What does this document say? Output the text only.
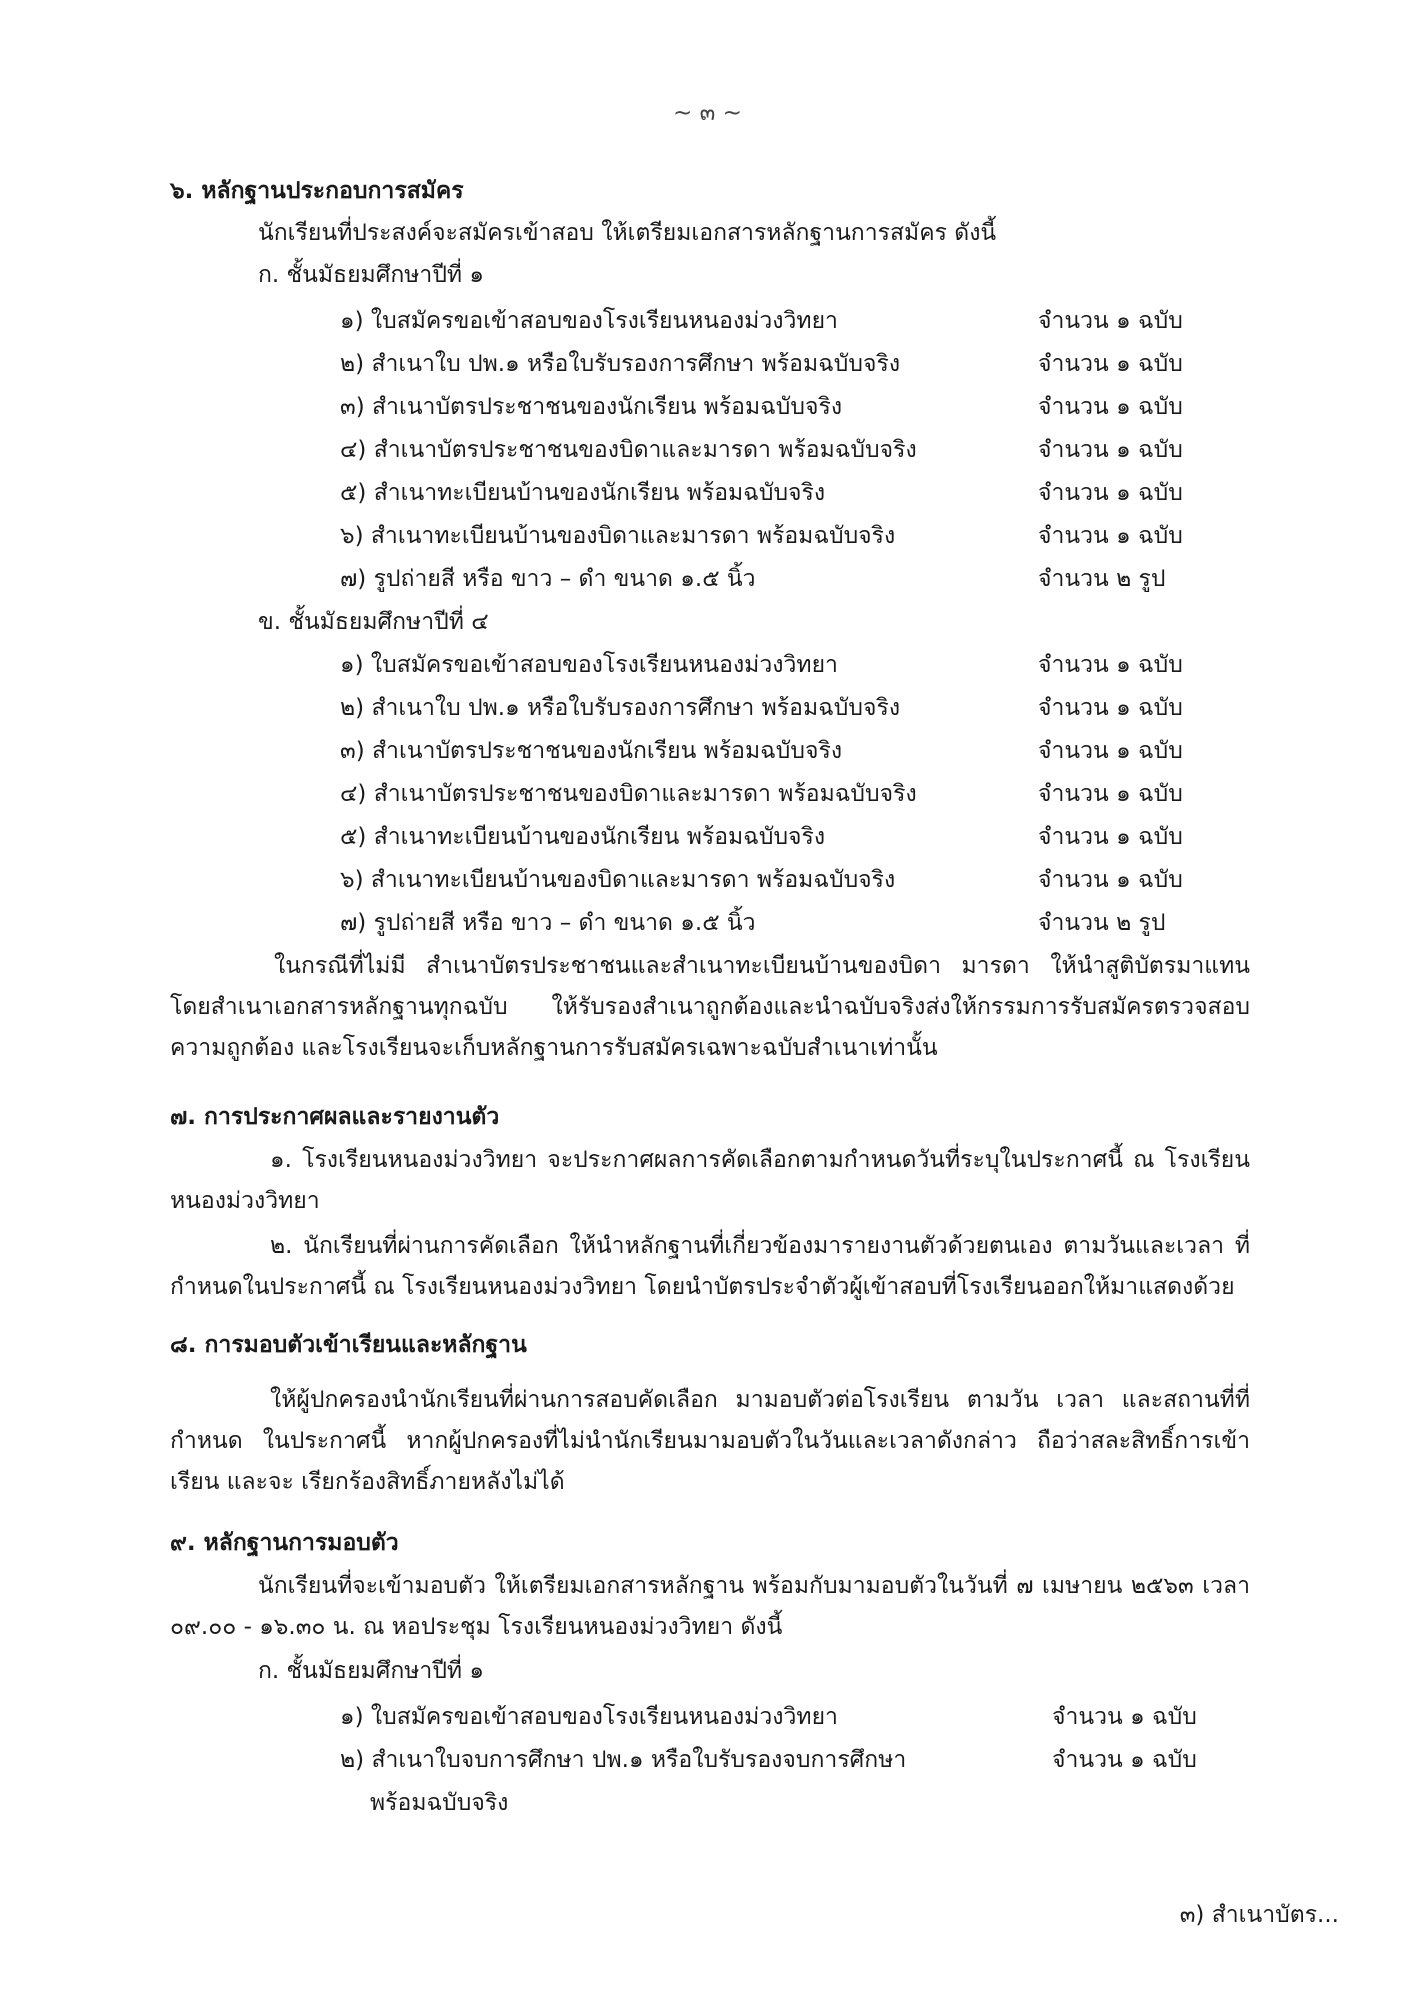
~ ๓ ~
๖. หลักฐานประกอบการสมัคร
นักเรียนที่ประสงค์จะสมัครเข้าสอบ ให้เตรียมเอกสารหลักฐานการสมัคร ดังนี้
ก. ชั้นมัธยมศึกษาปีที่ ๑
๑) ใบสมัครขอเข้าสอบของโรงเรียนหนองม่วงวิทยา	จำนวน ๑ ฉบับ
๒) สำเนาใบ ปพ.๑ หรือใบรับรองการศึกษา พร้อมฉบับจริง	จำนวน ๑ ฉบับ
๓) สำเนาบัตรประชาชนของนักเรียน พร้อมฉบับจริง	จำนวน ๑ ฉบับ
๔) สำเนาบัตรประชาชนของบิดาและมารดา พร้อมฉบับจริง	จำนวน ๑ ฉบับ
๕) สำเนาทะเบียนบ้านของนักเรียน พร้อมฉบับจริง	จำนวน ๑ ฉบับ
๖) สำเนาทะเบียนบ้านของบิดาและมารดา พร้อมฉบับจริง	จำนวน ๑ ฉบับ
๗) รูปถ่ายสี หรือ ขาว – ดำ ขนาด ๑.๕ นิ้ว	จำนวน ๒ รูป
ข. ชั้นมัธยมศึกษาปีที่ ๔
๑) ใบสมัครขอเข้าสอบของโรงเรียนหนองม่วงวิทยา	จำนวน ๑ ฉบับ
๒) สำเนาใบ ปพ.๑ หรือใบรับรองการศึกษา พร้อมฉบับจริง	จำนวน ๑ ฉบับ
๓) สำเนาบัตรประชาชนของนักเรียน พร้อมฉบับจริง	จำนวน ๑ ฉบับ
๔) สำเนาบัตรประชาชนของบิดาและมารดา พร้อมฉบับจริง	จำนวน ๑ ฉบับ
๕) สำเนาทะเบียนบ้านของนักเรียน พร้อมฉบับจริง	จำนวน ๑ ฉบับ
๖) สำเนาทะเบียนบ้านของบิดาและมารดา พร้อมฉบับจริง	จำนวน ๑ ฉบับ
๗) รูปถ่ายสี หรือ ขาว – ดำ ขนาด ๑.๕ นิ้ว	จำนวน ๒ รูป
ในกรณีที่ไม่มี สำเนาบัตรประชาชนและสำเนาทะเบียนบ้านของบิดา มารดา ให้นำสูติบัตรมาแทน โดยสำเนาเอกสารหลักฐานทุกฉบับ ให้รับรองสำเนาถูกต้องและนำฉบับจริงส่งให้กรรมการรับสมัครตรวจสอบ ความถูกต้อง และโรงเรียนจะเก็บหลักฐานการรับสมัครเฉพาะฉบับสำเนาเท่านั้น
๗. การประกาศผลและรายงานตัว
๑. โรงเรียนหนองม่วงวิทยา จะประกาศผลการคัดเลือกตามกำหนดวันที่ระบุในประกาศนี้ ณ โรงเรียน หนองม่วงวิทยา
๒. นักเรียนที่ผ่านการคัดเลือก ให้นำหลักฐานที่เกี่ยวข้องมารายงานตัวด้วยตนเอง ตามวันและเวลา ที่กำหนดในประกาศนี้ ณ โรงเรียนหนองม่วงวิทยา โดยนำบัตรประจำตัวผู้เข้าสอบที่โรงเรียนออกให้มาแสดงด้วย
๘. การมอบตัวเข้าเรียนและหลักฐาน
ให้ผู้ปกครองนำนักเรียนที่ผ่านการสอบคัดเลือก มามอบตัวต่อโรงเรียน ตามวัน เวลา และสถานที่ที่กำหนด ในประกาศนี้ หากผู้ปกครองที่ไม่นำนักเรียนมามอบตัวในวันและเวลาดังกล่าว ถือว่าสละสิทธิ์การเข้าเรียน และจะ เรียกร้องสิทธิ์ภายหลังไม่ได้
๙. หลักฐานการมอบตัว
นักเรียนที่จะเข้ามอบตัว ให้เตรียมเอกสารหลักฐาน พร้อมกับมามอบตัวในวันที่ ๗ เมษายน ๒๕๖๓ เวลา ๐๙.๐๐ - ๑๖.๓๐ น. ณ หอประชุม โรงเรียนหนองม่วงวิทยา ดังนี้
ก. ชั้นมัธยมศึกษาปีที่ ๑
๑) ใบสมัครขอเข้าสอบของโรงเรียนหนองม่วงวิทยา	จำนวน ๑ ฉบับ
๒) สำเนาใบจบการศึกษา ปพ.๑ หรือใบรับรองจบการศึกษา	จำนวน ๑ ฉบับ
พร้อมฉบับจริง
๓) สำเนาบัตร...
